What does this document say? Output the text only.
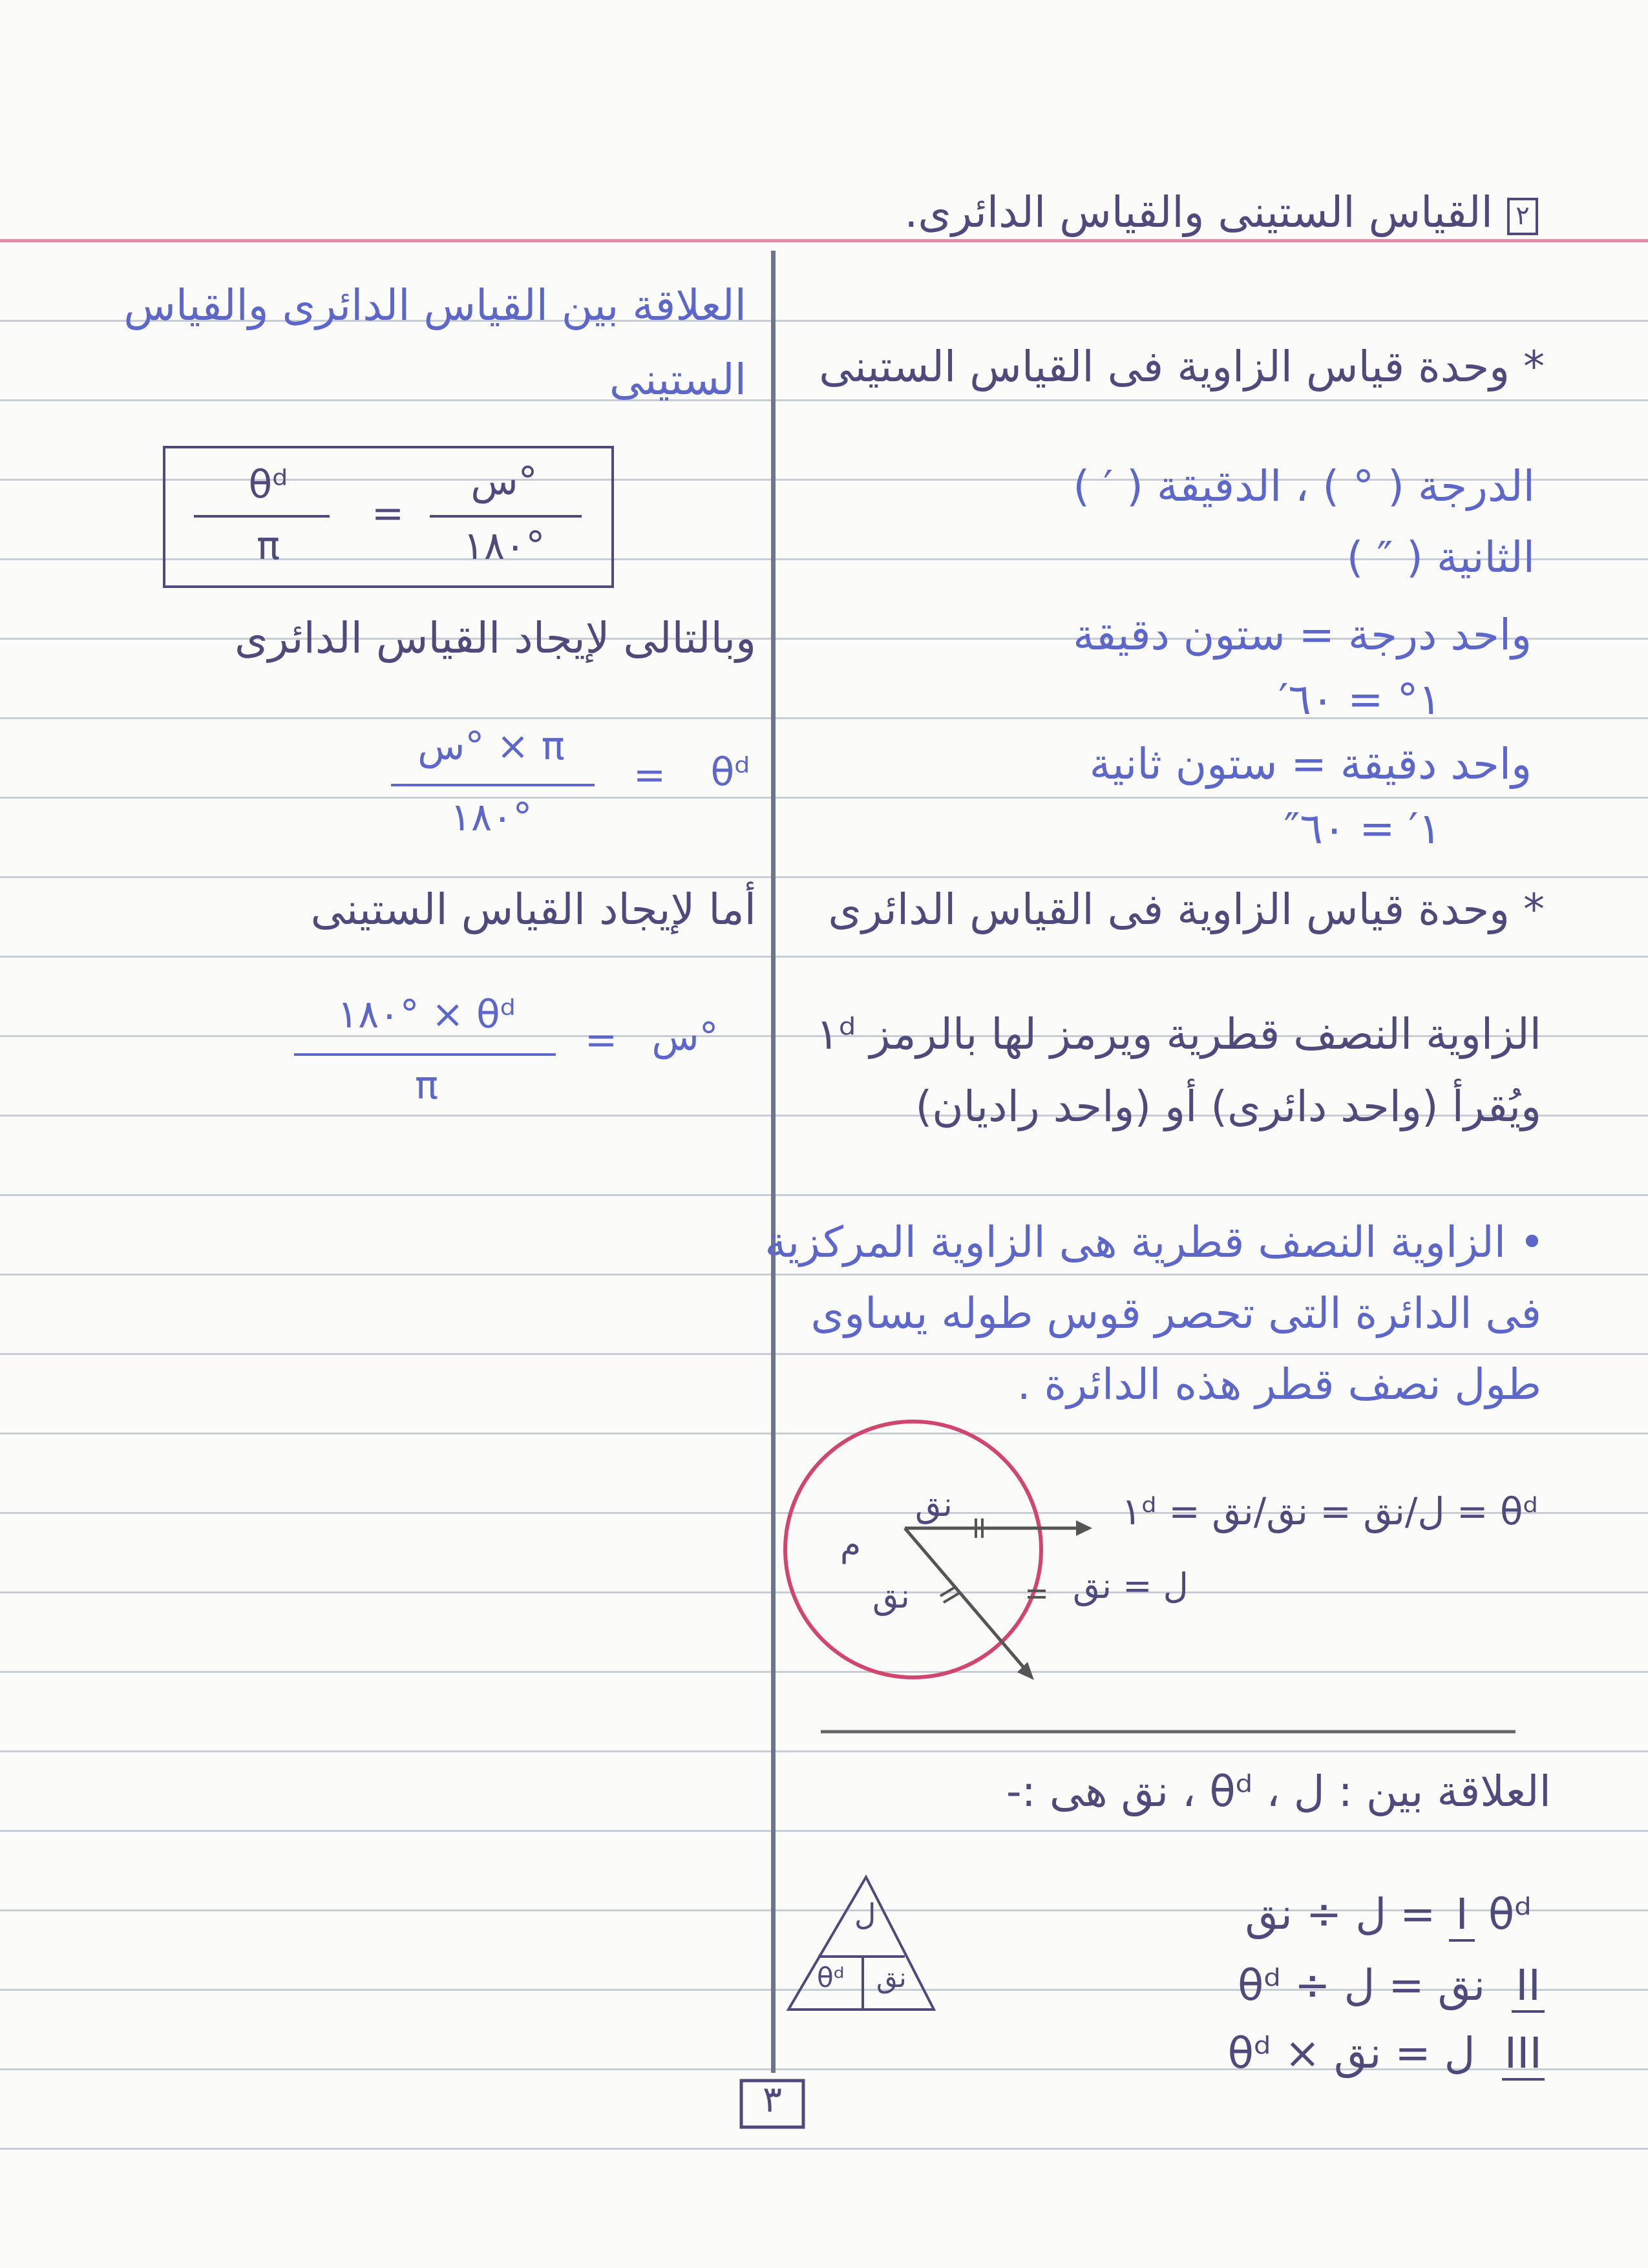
٢
القياس الستينى والقياس الدائرى.
* وحدة قياس الزاوية فى القياس الستينى
الدرجة ( ° ) ، الدقيقة ( ′ )
الثانية ( ″ )
واحد درجة = ستون دقيقة
١° = ٦٠′
واحد دقيقة = ستون ثانية
١′ = ٦٠″
* وحدة قياس الزاوية فى القياس الدائرى
الزاوية النصف قطرية ويرمز لها بالرمز ١ᵈ
ويُقرأ (واحد دائرى) أو (واحد راديان)
• الزاوية النصف قطرية هى الزاوية المركزية
فى الدائرة التى تحصر قوس طوله يساوى
طول نصف قطر هذه الدائرة .
نق
م
نق	ل = نق
θᵈ = ل/نق = نق/نق = ١ᵈ
العلاقة بين : ل ، θᵈ ، نق هى :-
ل
نق
θᵈ
I θᵈ = ل ÷ نق
II نق = ل ÷ θᵈ
III ل = نق × θᵈ
العلاقة بين القياس الدائرى والقياس
الستينى
θᵈ
π
=
س°
١٨٠°
وبالتالى لإيجاد القياس الدائرى
θᵈ
=
س° × π
١٨٠°
أما لإيجاد القياس الستينى
س°
=
١٨٠° × θᵈ
π
٣
